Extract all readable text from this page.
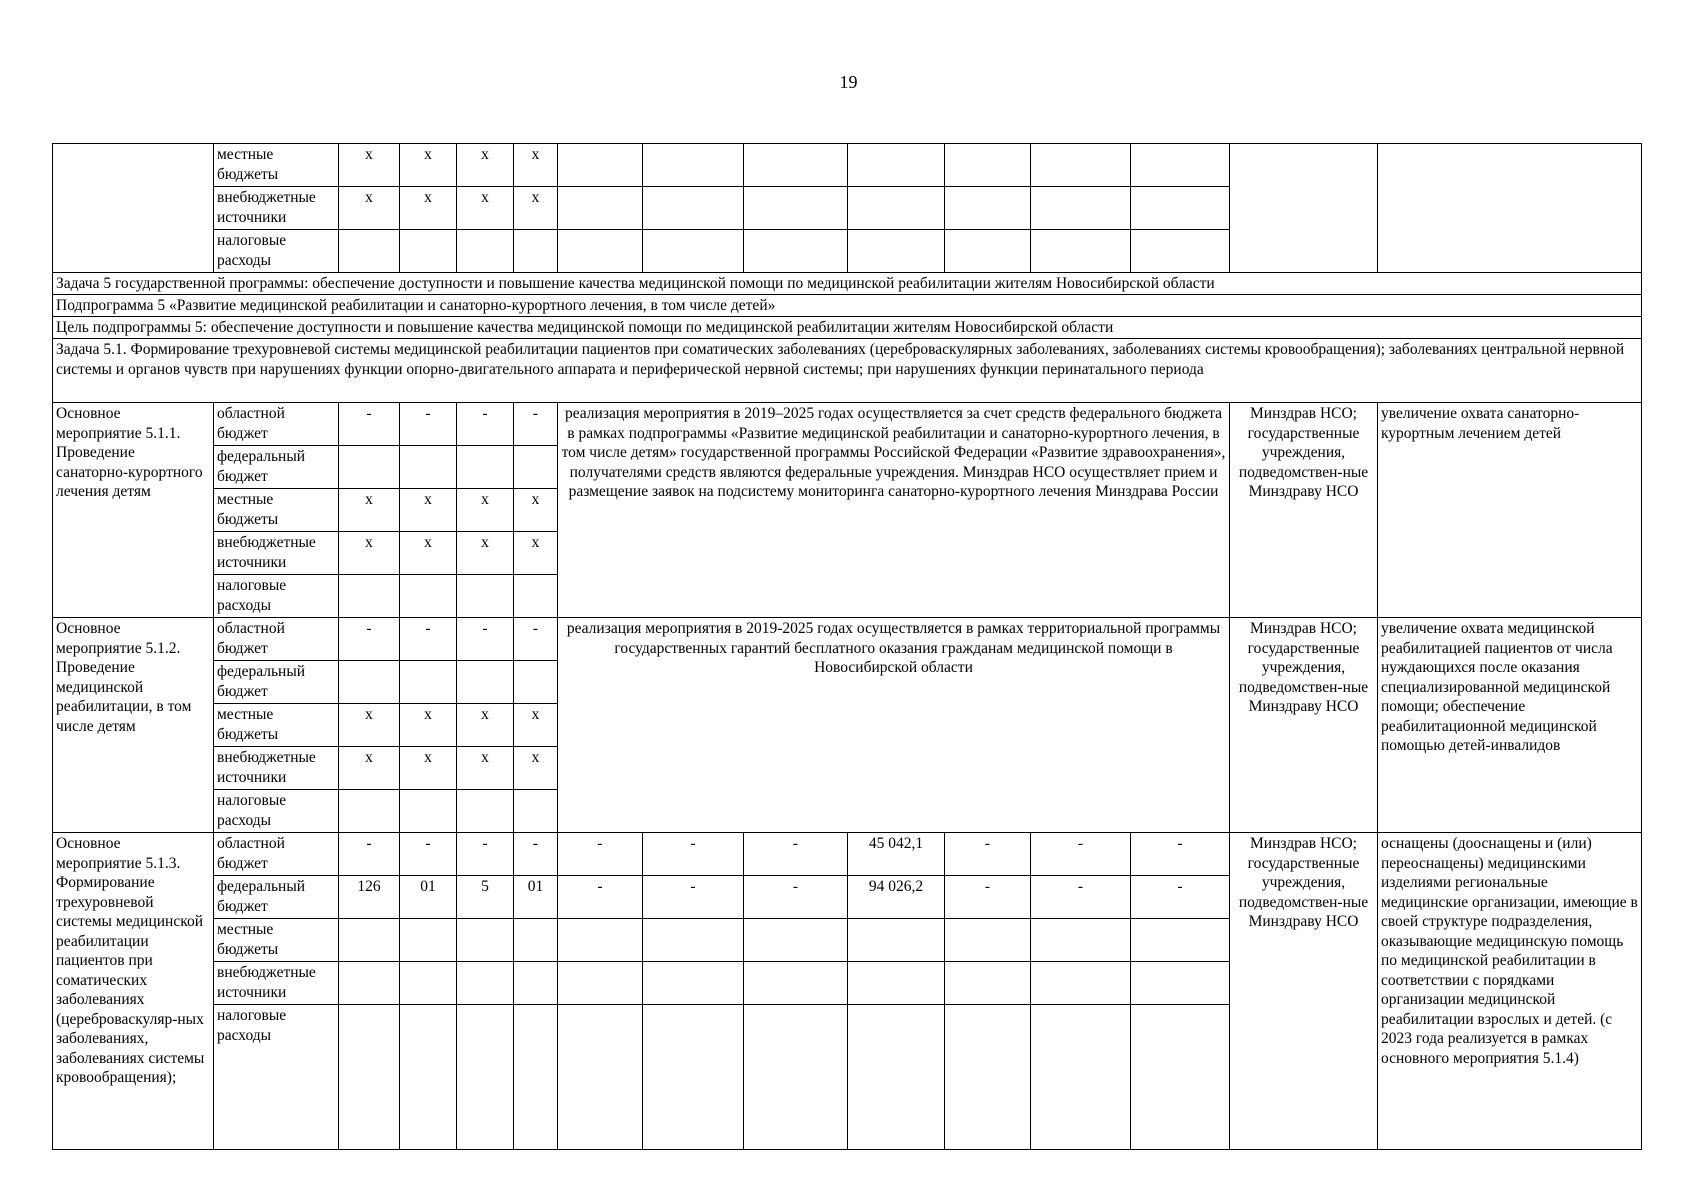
19
	местные бюджеты	х	х	х	х									
	внебюджетные источники	х	х	х	х									
	налоговые расходы													
Задача 5 государственной программы: обеспечение доступности и повышение качества медицинской помощи по медицинской реабилитации жителям Новосибирской области														
Подпрограмма 5 «Развитие медицинской реабилитации и санаторно-курортного лечения, в том числе детей»														
Цель подпрограммы 5: обеспечение доступности и повышение качества медицинской помощи по медицинской реабилитации жителям Новосибирской области														
Задача 5.1. Формирование трехуровневой системы медицинской реабилитации пациентов при соматических заболеваниях (цереброваскулярных заболеваниях, заболеваниях системы кровообращения); заболеваниях центральной нервной системы и органов чувств при нарушениях функции опорно-двигательного аппарата и периферической нервной системы; при нарушениях функции перинатального периода														
Основное мероприятие 5.1.1. Проведение санаторно-курортного лечения детям	областной бюджет	-	-	-	-	реализация мероприятия в 2019–2025 годах осуществляется за счет средств федерального бюджета в рамках подпрограммы «Развитие медицинской реабилитации и санаторно-курортного лечения, в том числе детям» государственной программы Российской Федерации «Развитие здравоохранения», получателями средств являются федеральные учреждения. Минздрав НСО осуществляет прием и размещение заявок на подсистему мониторинга санаторно-курортного лечения Минздрава России							Минздрав НСО; государственные учреждения, подведомствен-ные Минздраву НСО	увеличение охвата санаторно-курортным лечением детей
	федеральный бюджет													
	местные бюджеты	х	х	х	х									
	внебюджетные источники	х	х	х	х									
	налоговые расходы													
Основное мероприятие 5.1.2. Проведение медицинской реабилитации, в том числе детям	областной бюджет	-	-	-	-	реализация мероприятия в 2019-2025 годах осуществляется в рамках территориальной программы государственных гарантий бесплатного оказания гражданам медицинской помощи в Новосибирской области							Минздрав НСО; государственные учреждения, подведомствен-ные Минздраву НСО	увеличение охвата медицинской реабилитацией пациентов от числа нуждающихся после оказания специализированной медицинской помощи; обеспечение реабилитационной медицинской помощью детей-инвалидов
	федеральный бюджет													
	местные бюджеты	х	х	х	х									
	внебюджетные источники	х	х	х	х									
	налоговые расходы													
Основное мероприятие 5.1.3. Формирование трехуровневой системы медицинской реабилитации пациентов при соматических заболеваниях (цереброваскуляр-ных заболеваниях, заболеваниях системы кровообращения);	областной бюджет	-	-	-	-	-	-	-	45 042,1	-	-	-	Минздрав НСО; государственные учреждения, подведомствен-ные Минздраву НСО	оснащены (дооснащены и (или) переоснащены) медицинскими изделиями региональные медицинские организации, имеющие в своей структуре подразделения, оказывающие медицинскую помощь по медицинской реабилитации в соответствии с порядками организации медицинской реабилитации взрослых и детей. (с 2023 года реализуется в рамках основного мероприятия 5.1.4)
	федеральный бюджет	126	01	5	01	-	-	-	94 026,2	-	-	-		
	местные бюджеты													
	внебюджетные источники													
	налоговые расходы													
